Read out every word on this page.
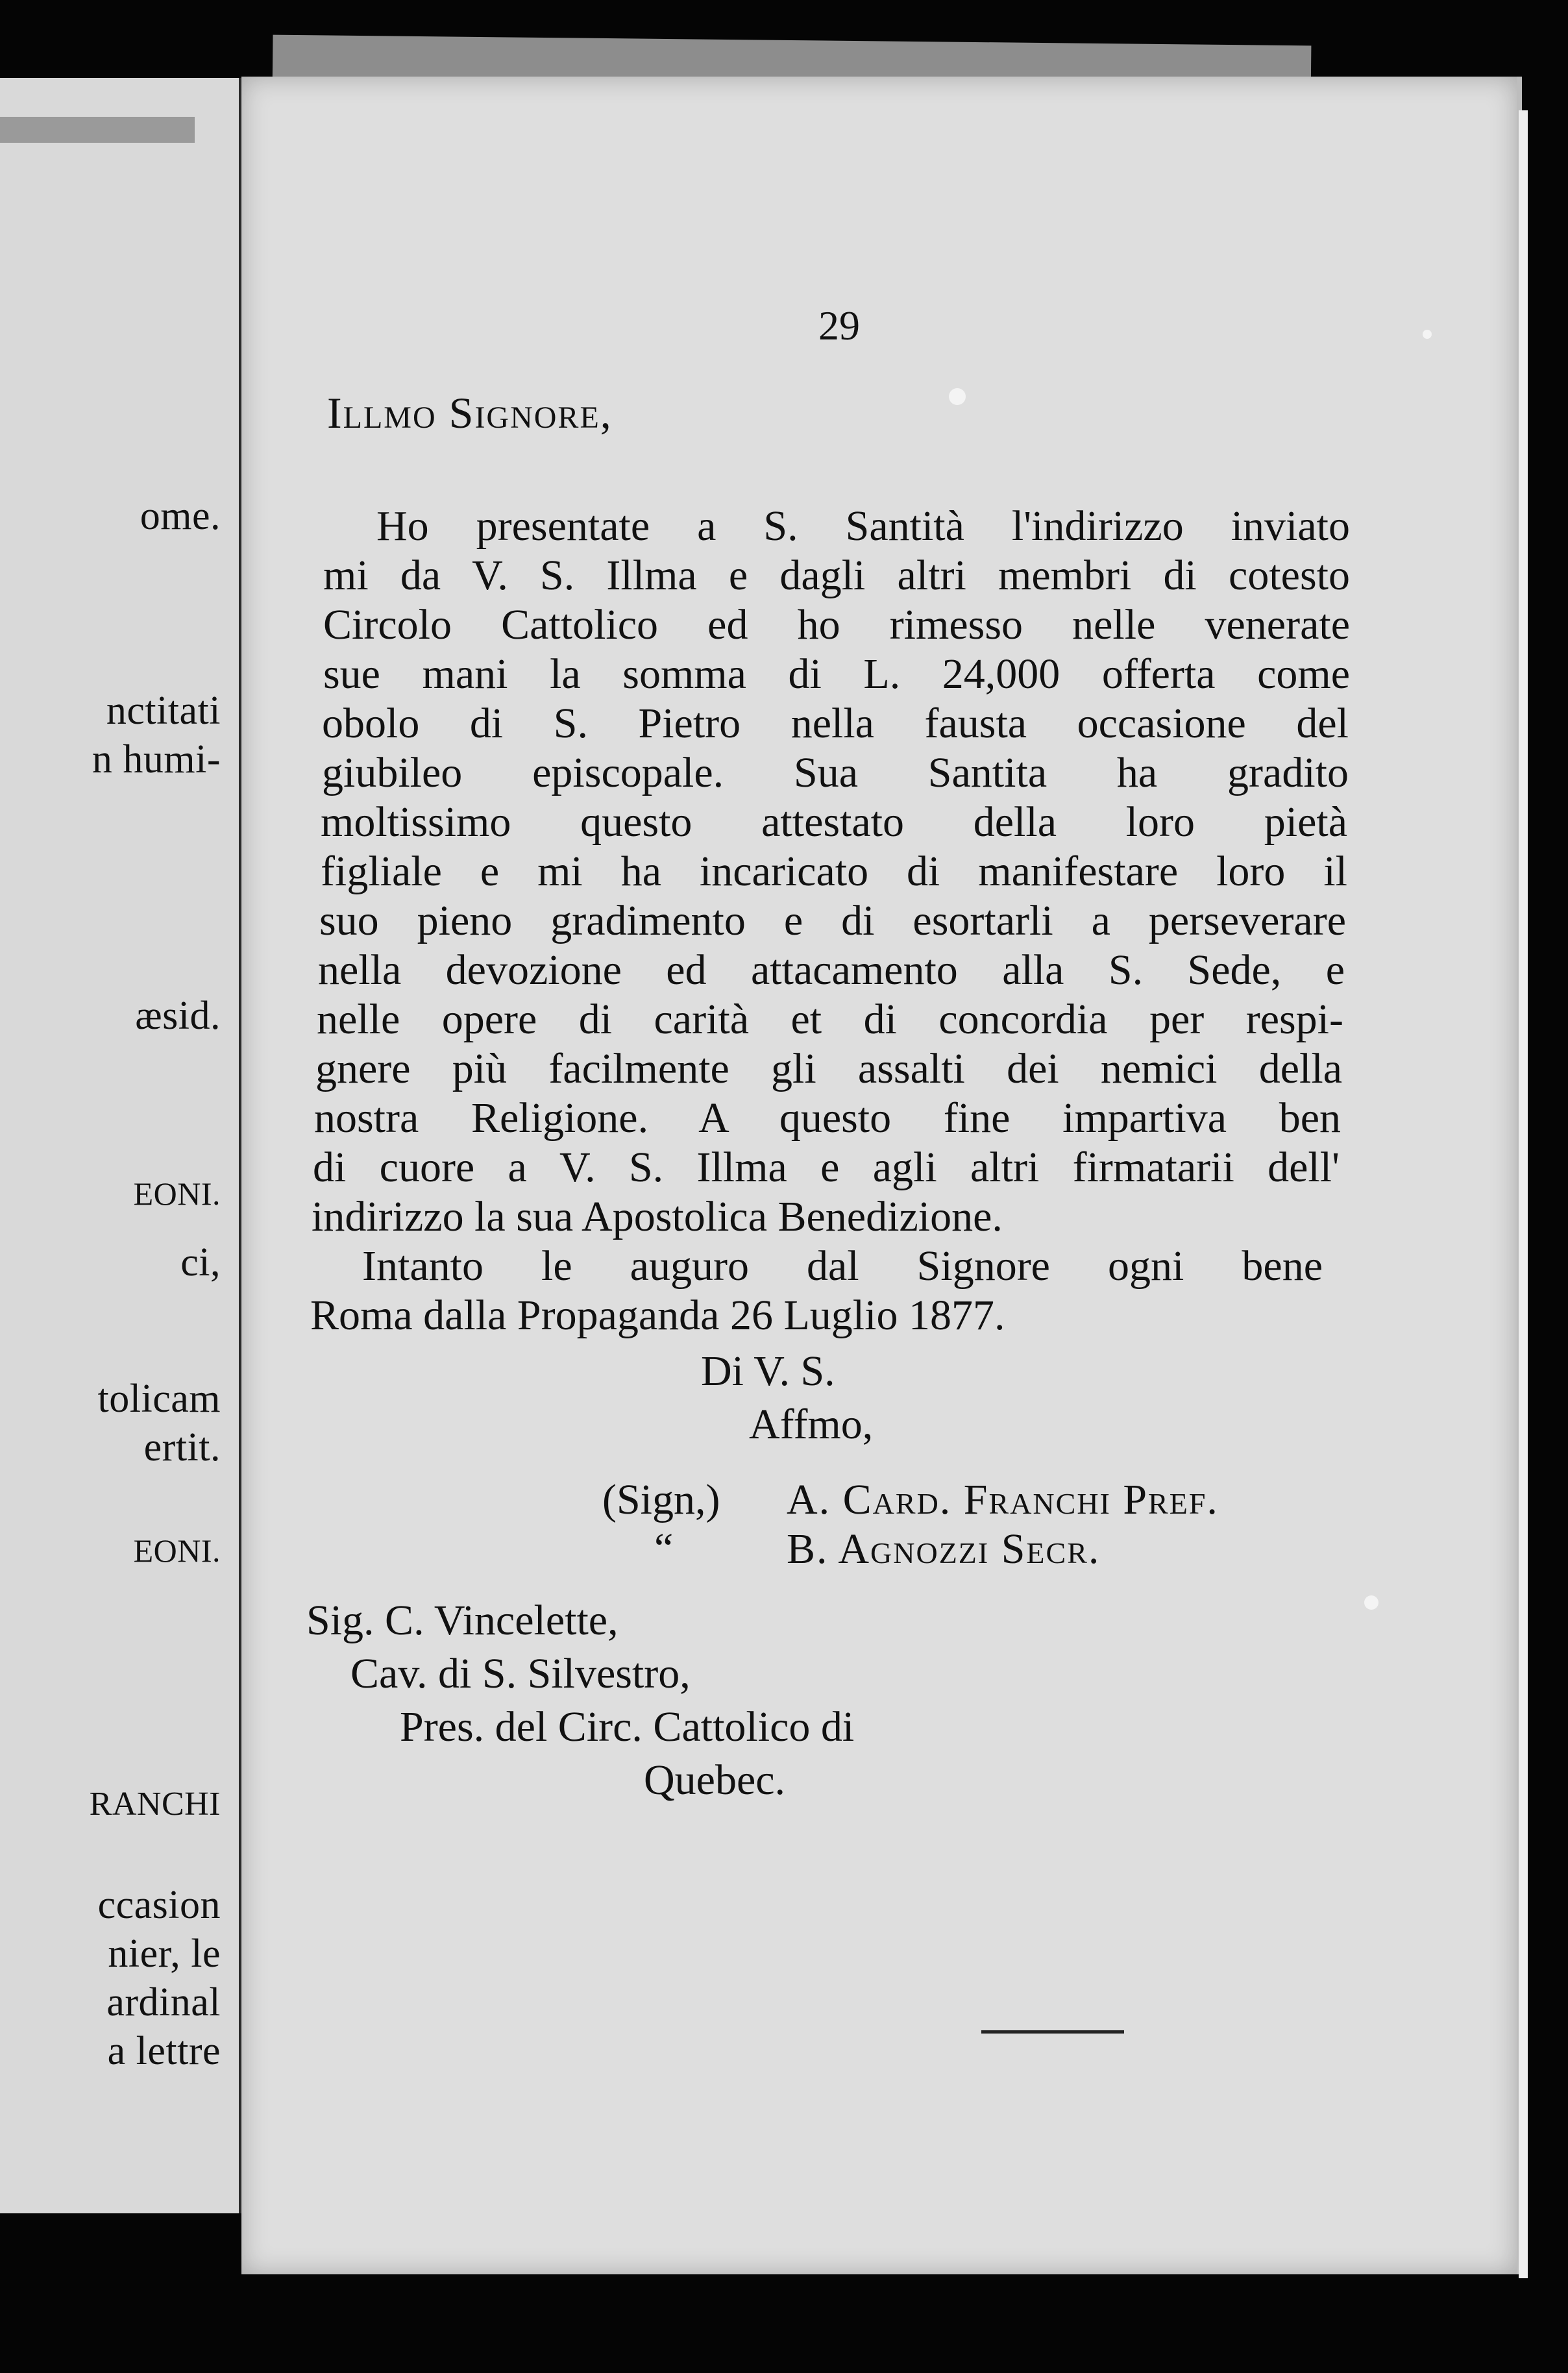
ome.
nctitati
n humi-
æsid.
EONI.
ci,
tolicam
ertit.
EONI.
RANCHI
ccasion
nier, le
ardinal
a lettre
29
Illmo Signore,
Ho presentate a S. Santità l'indirizzo inviato
mi da V. S. Illma e dagli altri membri di cotesto
Circolo Cattolico ed ho rimesso nelle venerate
sue mani la somma di L. 24,000 offerta come
obolo di S. Pietro nella fausta occasione del
giubileo episcopale. Sua Santita ha gradito
moltissimo questo attestato della loro pietà
figliale e mi ha incaricato di manifestare loro il
suo pieno gradimento e di esortarli a perseverare
nella devozione ed attacamento alla S. Sede, e
nelle opere di carità et di concordia per respi-
gnere più facilmente gli assalti dei nemici della
nostra Religione. A questo fine impartiva ben
di cuore a V. S. Illma e agli altri firmatarii dell'
indirizzo la sua Apostolica Benedizione.
Intanto le auguro dal Signore ogni bene
Roma dalla Propaganda 26 Luglio 1877.
Di V. S.
Affmo,
(Sign,) A. Card. Franchi Pref.
“	B. Agnozzi Secr.
Sig. C. Vincelette,
Cav. di S. Silvestro,
Pres. del Circ. Cattolico di
Quebec.
